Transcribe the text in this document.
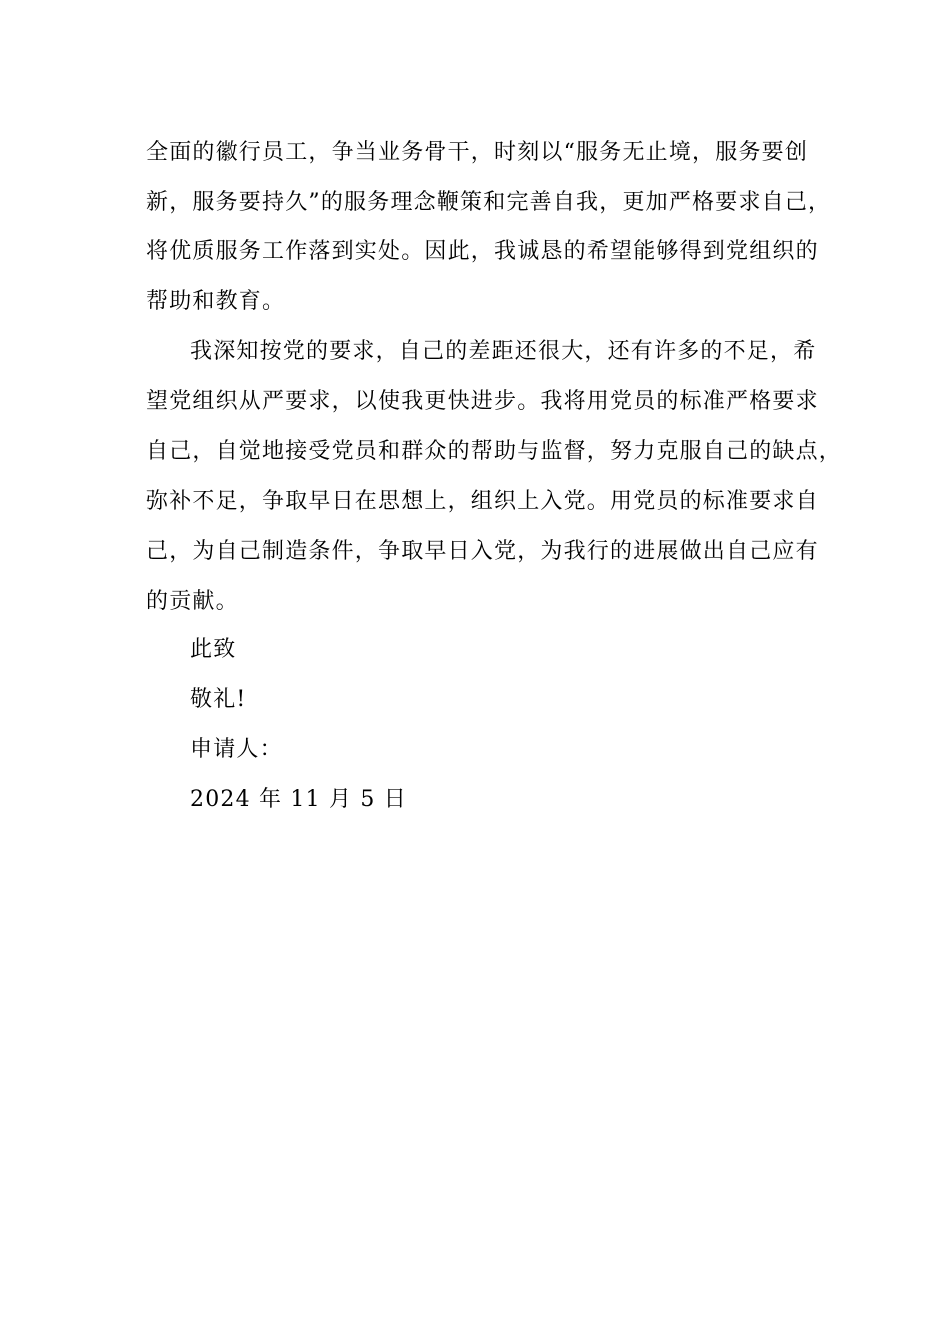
全面的徽行员工，争当业务骨干，时刻以“服务无止境，服务要创
新，服务要持久”的服务理念鞭策和完善自我，更加严格要求自己，
将优质服务工作落到实处。因此，我诚恳的希望能够得到党组织的
帮助和教育。
我深知按党的要求，自己的差距还很大，还有许多的不足，希
望党组织从严要求，以使我更快进步。我将用党员的标准严格要求
自己，自觉地接受党员和群众的帮助与监督，努力克服自己的缺点，
弥补不足，争取早日在思想上，组织上入党。用党员的标准要求自
己，为自己制造条件，争取早日入党，为我行的进展做出自己应有
的贡献。
此致
敬礼!
申请人：
2024 年 11 月 5 日
